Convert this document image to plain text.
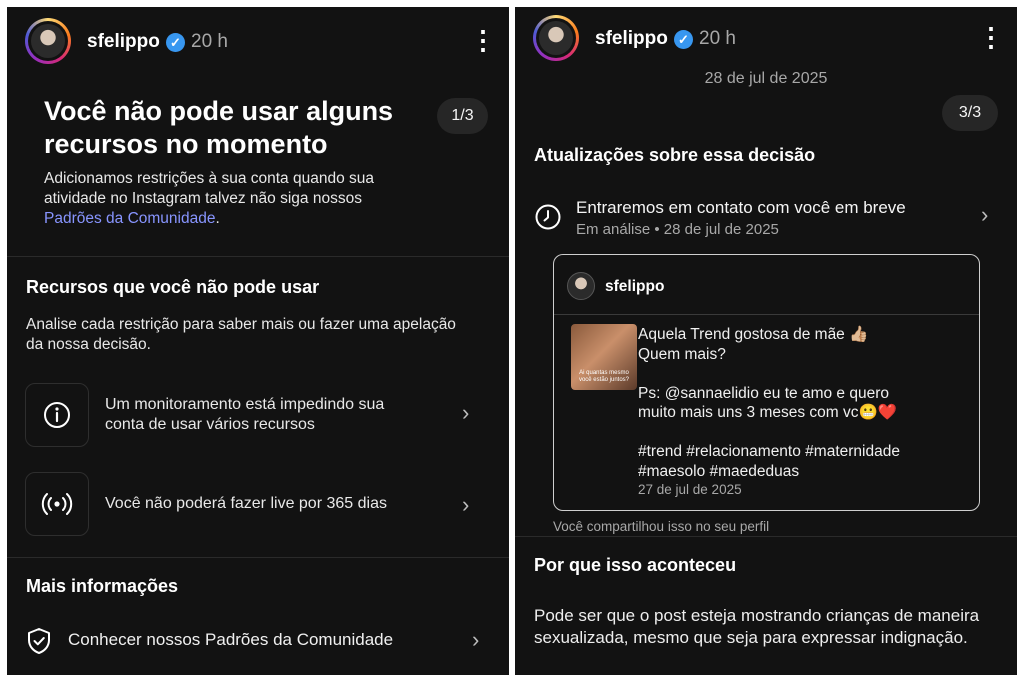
sfelippo ✓ 20 h	⋮
Você não pode usar alguns recursos no momento
1/3
Adicionamos restrições à sua conta quando sua atividade no Instagram talvez não siga nossos Padrões da Comunidade.
Recursos que você não pode usar
Analise cada restrição para saber mais ou fazer uma apelação da nossa decisão.
Um monitoramento está impedindo sua conta de usar vários recursos	›
Você não poderá fazer live por 365 dias	›
Mais informações
Conhecer nossos Padrões da Comunidade	›
sfelippo ✓ 20 h	⋮
28 de jul de 2025
3/3
Atualizações sobre essa decisão
Entraremos em contato com você em breve
Em análise • 28 de jul de 2025
›
sfelippo
Ai quantas mesmo você estão juntos?
Aquela Trend gostosa de mãe 👍🏼
Quem mais?
Ps: @sannaelidio eu te amo e quero
muito mais uns 3 meses com vc😬❤️
#trend #relacionamento #maternidade
#maesolo #maededuas
27 de jul de 2025
Você compartilhou isso no seu perfil
Por que isso aconteceu
Pode ser que o post esteja mostrando crianças de maneira sexualizada, mesmo que seja para expressar indignação.
